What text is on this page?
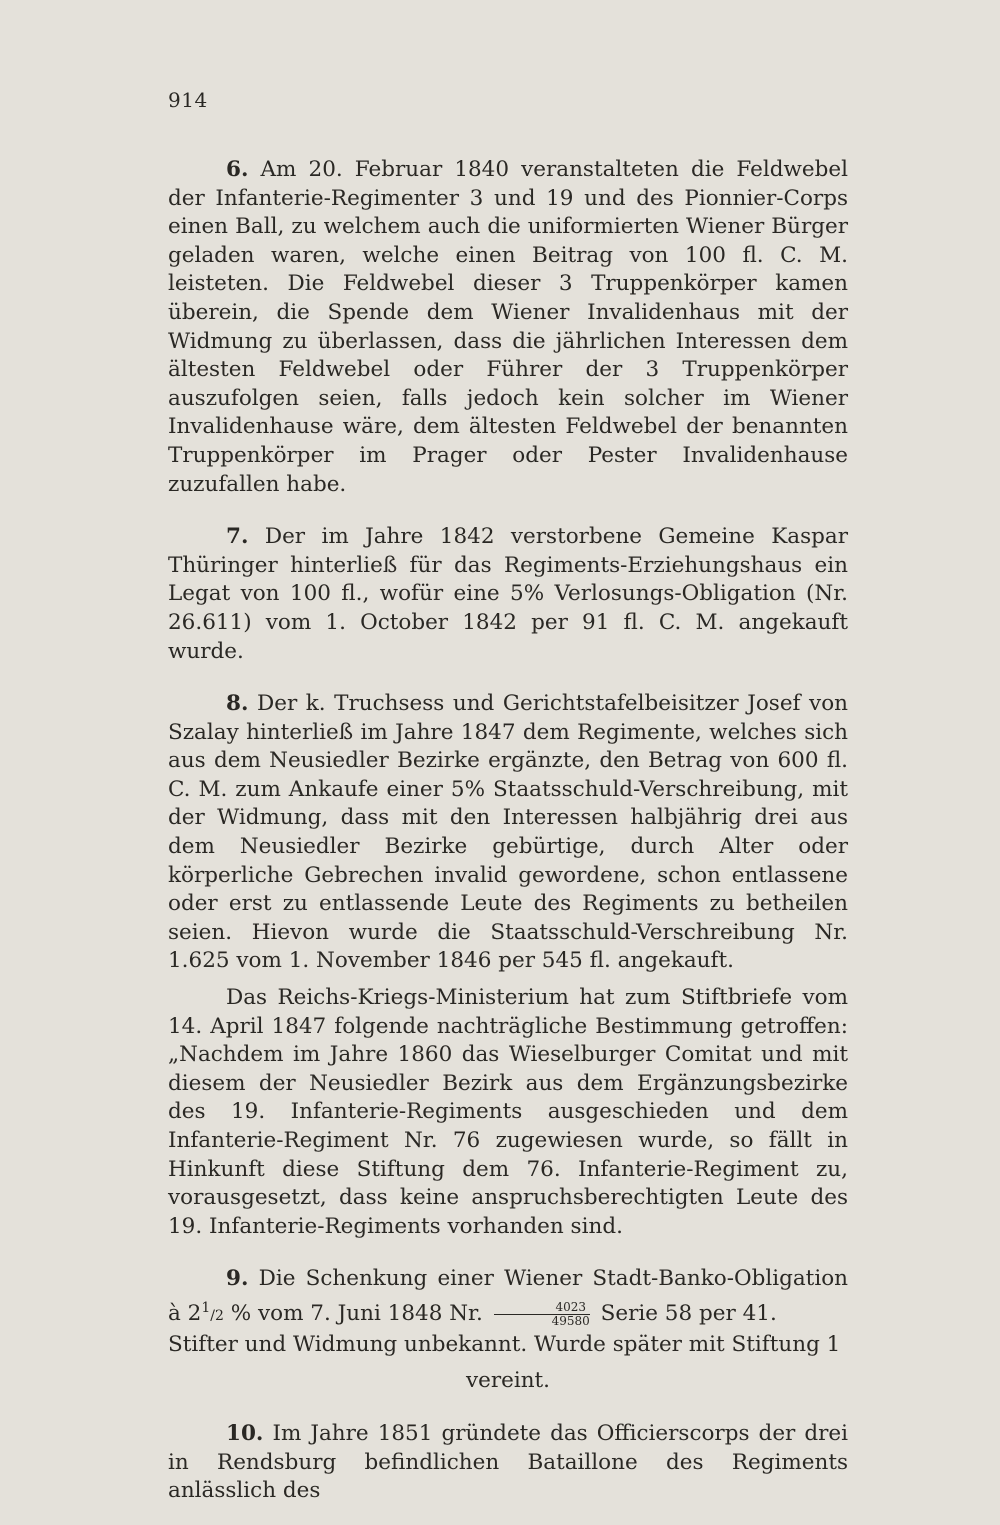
914

6. Am 20. Februar 1840 veranstalteten die Feldwebel der Infanterie-Regimenter 3 und 19 und des Pionnier-Corps einen Ball, zu welchem auch die uniformierten Wiener Bürger geladen waren, welche einen Beitrag von 100 fl. C. M. leisteten. Die Feldwebel dieser 3 Truppenkörper kamen überein, die Spende dem Wiener Invalidenhaus mit der Widmung zu überlassen, dass die jährlichen Interessen dem ältesten Feldwebel oder Führer der 3 Truppenkörper auszufolgen seien, falls jedoch kein solcher im Wiener Invalidenhause wäre, dem ältesten Feldwebel der benannten Truppenkörper im Prager oder Pester Invalidenhause zuzufallen habe.

7. Der im Jahre 1842 verstorbene Gemeine Kaspar Thüringer hinterließ für das Regiments-Erziehungshaus ein Legat von 100 fl., wofür eine 5% Verlosungs-Obligation (Nr. 26.611) vom 1. October 1842 per 91 fl. C. M. angekauft wurde.

8. Der k. Truchsess und Gerichtstafelbeisitzer Josef von Szalay hinterließ im Jahre 1847 dem Regimente, welches sich aus dem Neusiedler Bezirke ergänzte, den Betrag von 600 fl. C. M. zum Ankaufe einer 5% Staatsschuld-Verschreibung, mit der Widmung, dass mit den Interessen halbjährig drei aus dem Neusiedler Bezirke gebürtige, durch Alter oder körperliche Gebrechen invalid gewordene, schon entlassene oder erst zu entlassende Leute des Regiments zu betheilen seien. Hievon wurde die Staatsschuld-Verschreibung Nr. 1.625 vom 1. November 1846 per 545 fl. angekauft.

Das Reichs-Kriegs-Ministerium hat zum Stiftbriefe vom 14. April 1847 folgende nachträgliche Bestimmung getroffen: „Nachdem im Jahre 1860 das Wieselburger Comitat und mit diesem der Neusiedler Bezirk aus dem Ergänzungsbezirke des 19. Infanterie-Regiments ausgeschieden und dem Infanterie-Regiment Nr. 76 zugewiesen wurde, so fällt in Hinkunft diese Stiftung dem 76. Infanterie-Regiment zu, vorausgesetzt, dass keine anspruchsberechtigten Leute des 19. Infanterie-Regiments vorhanden sind.

9. Die Schenkung einer Wiener Stadt-Banko-Obligation à $2^1/2$ % vom 7. Juni 1848 Nr. $\frac{4023}{49580}$ Serie 58 per 41.
Stifter und Widmung unbekannt. Wurde später mit Stiftung 1

vereint.

10. Im Jahre 1851 gründete das Officierscorps der drei in Rendsburg befindlichen Bataillone des Regiments anlässlich des
